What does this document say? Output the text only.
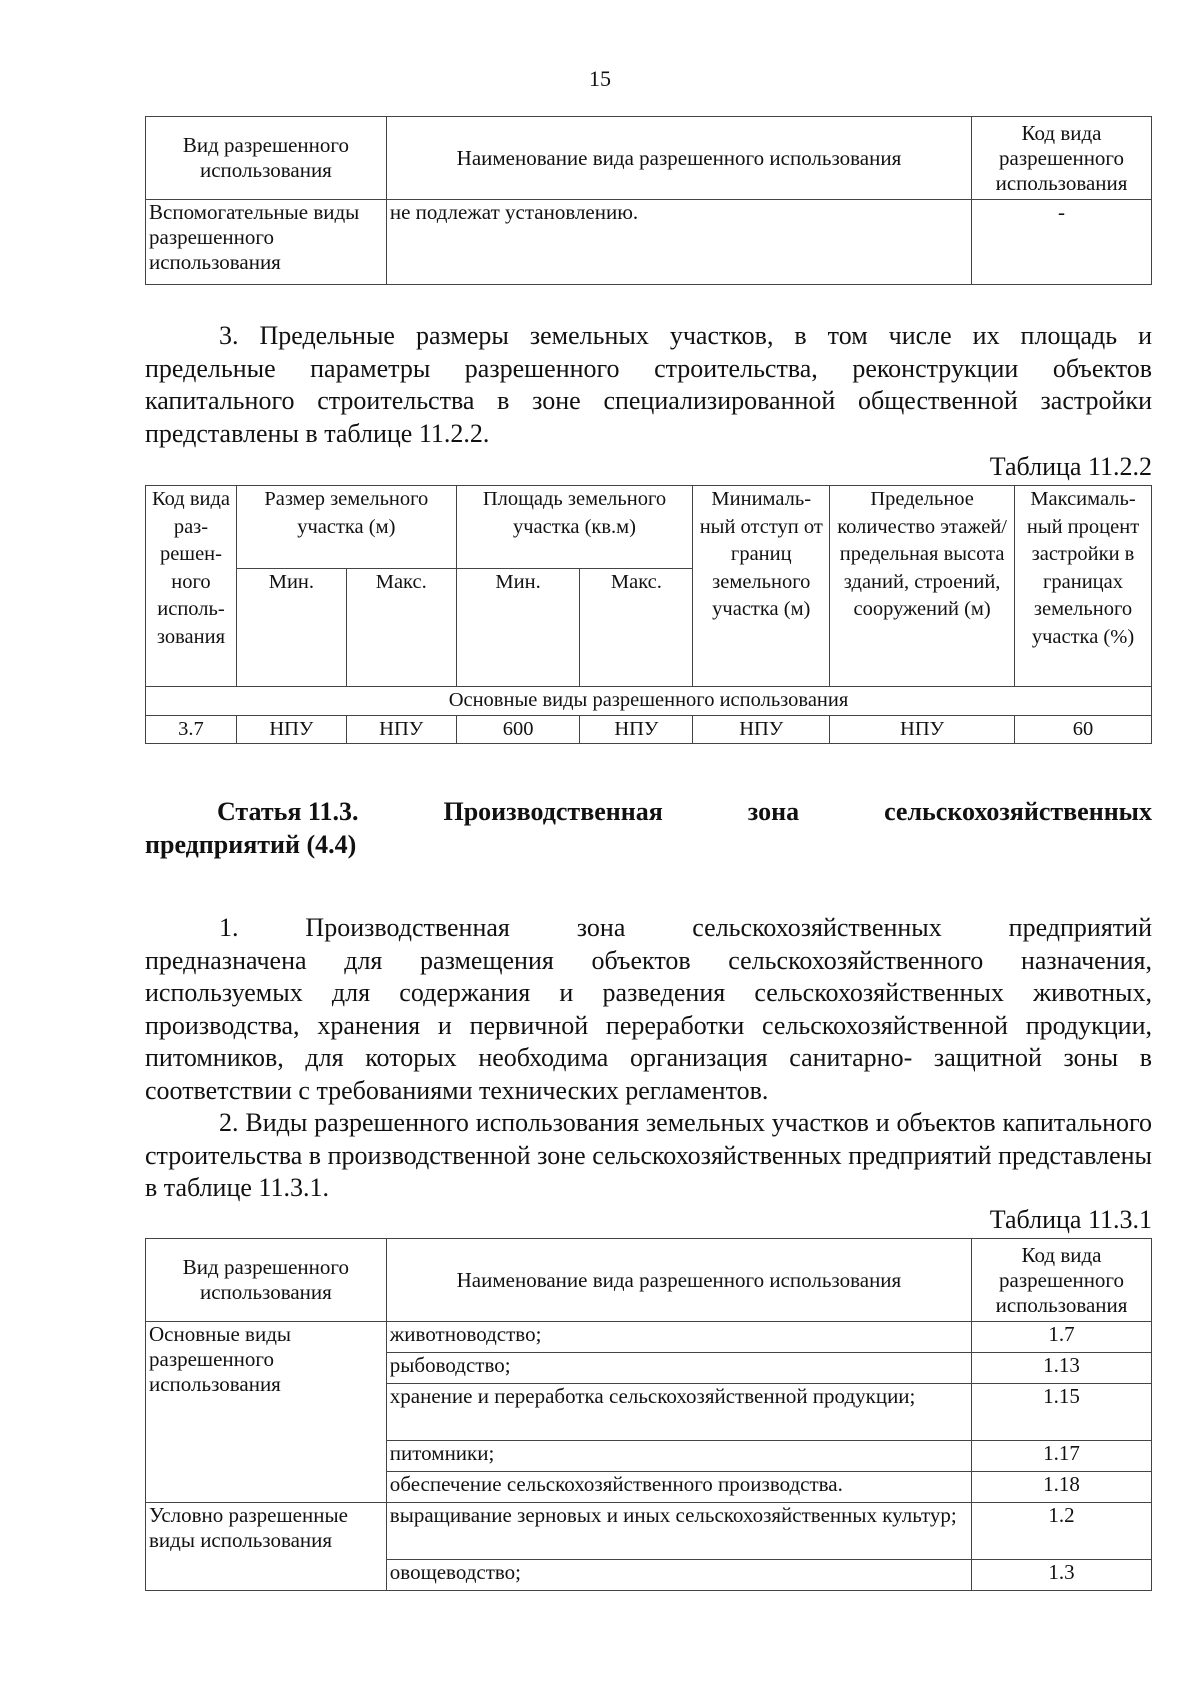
15
Вид разрешенного использования	Наименование вида разрешенного использования	Код вида разрешенного использования
Вспомогательные виды разрешенного использования	не подлежат установлению.	-
3. Предельные размеры земельных участков, в том числе их площадь и
предельные параметры разрешенного строительства, реконструкции объектов
капитального строительства в зоне специализированной общественной застройки
представлены в таблице 11.2.2.
Таблица 11.2.2
Код вида раз- решен- ного исполь- зования	Размер земельного участка (м)		Площадь земельного участка (кв.м)		Минималь- ный отступ от границ земельного участка (м)	Предельное количество этажей/ предельная высота зданий, строений, сооружений (м)	Максималь- ный процент застройки в границах земельного участка (%)
	Мин.	Макс.	Мин.	Макс.			
Основные виды разрешенного использования							
3.7	НПУ	НПУ	600	НПУ	НПУ	НПУ	60
Статья 11.3.	Производственная	зона	сельскохозяйственных
предприятий (4.4)
1. Производственная зона сельскохозяйственных предприятий

предназначена для размещения объектов сельскохозяйственного назначения, используемых для содержания и разведения сельскохозяйственных животных, производства, хранения и первичной переработки сельскохозяйственной продукции, питомников, для которых необходима организация санитарно- защитной зоны в соответствии с требованиями технических регламентов.

2. Виды разрешенного использования земельных участков и объектов капитального строительства в производственной зоне сельскохозяйственных предприятий представлены в таблице 11.3.1.

Таблица 11.3.1
Вид разрешенного использования	Наименование вида разрешенного использования	Код вида разрешенного использования
Основные виды разрешенного использования	животноводство;	1.7
	рыбоводство;	1.13
	хранение и переработка сельскохозяйственной продукции;	1.15
	питомники;	1.17
	обеспечение сельскохозяйственного производства.	1.18
Условно разрешенные виды использования	выращивание зерновых и иных сельскохозяйственных культур;	1.2
	овощеводство;	1.3
